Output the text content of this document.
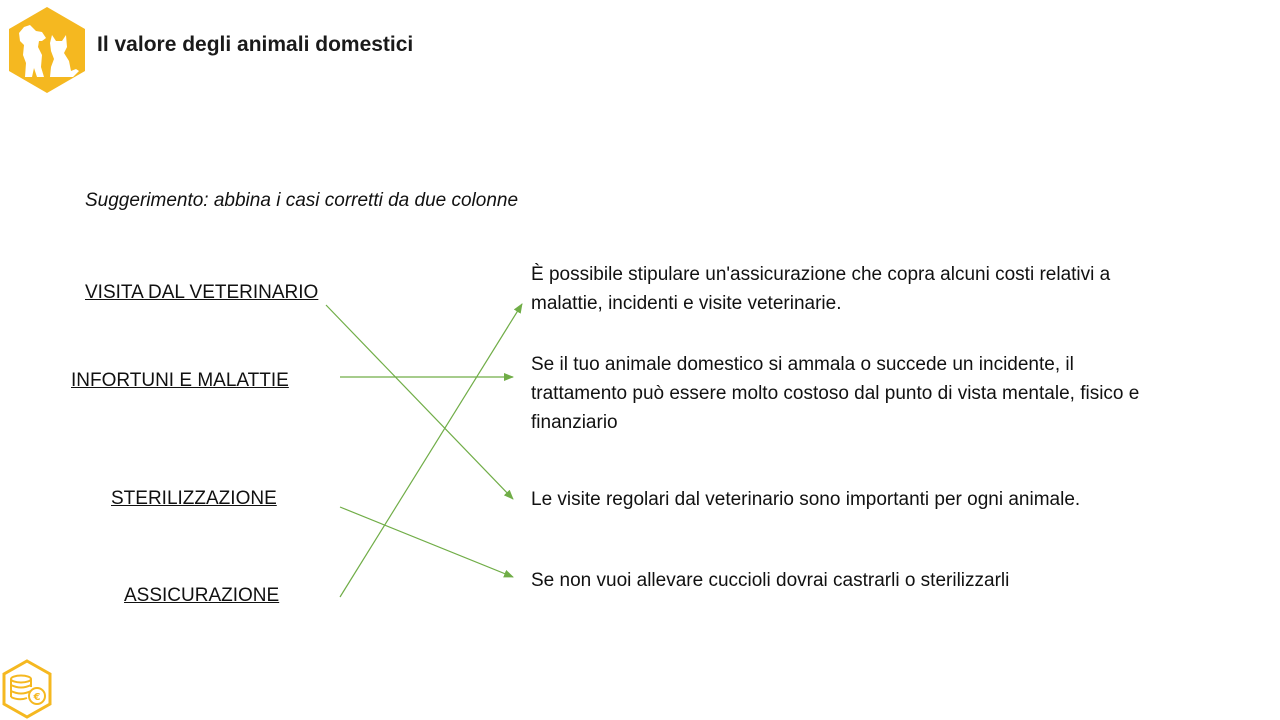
Il valore degli animali domestici
Suggerimento: abbina i casi corretti da due colonne
VISITA DAL VETERINARIO
INFORTUNI E MALATTIE
STERILIZZAZIONE
ASSICURAZIONE
È possibile stipulare un'assicurazione che copra alcuni costi relativi a malattie, incidenti e visite veterinarie.
Se il tuo animale domestico si ammala o succede un incidente, il trattamento può essere molto costoso dal punto di vista mentale, fisico e finanziario
Le visite regolari dal veterinario sono importanti per ogni animale.
Se non vuoi allevare cuccioli dovrai castrarli o sterilizzarli
€
